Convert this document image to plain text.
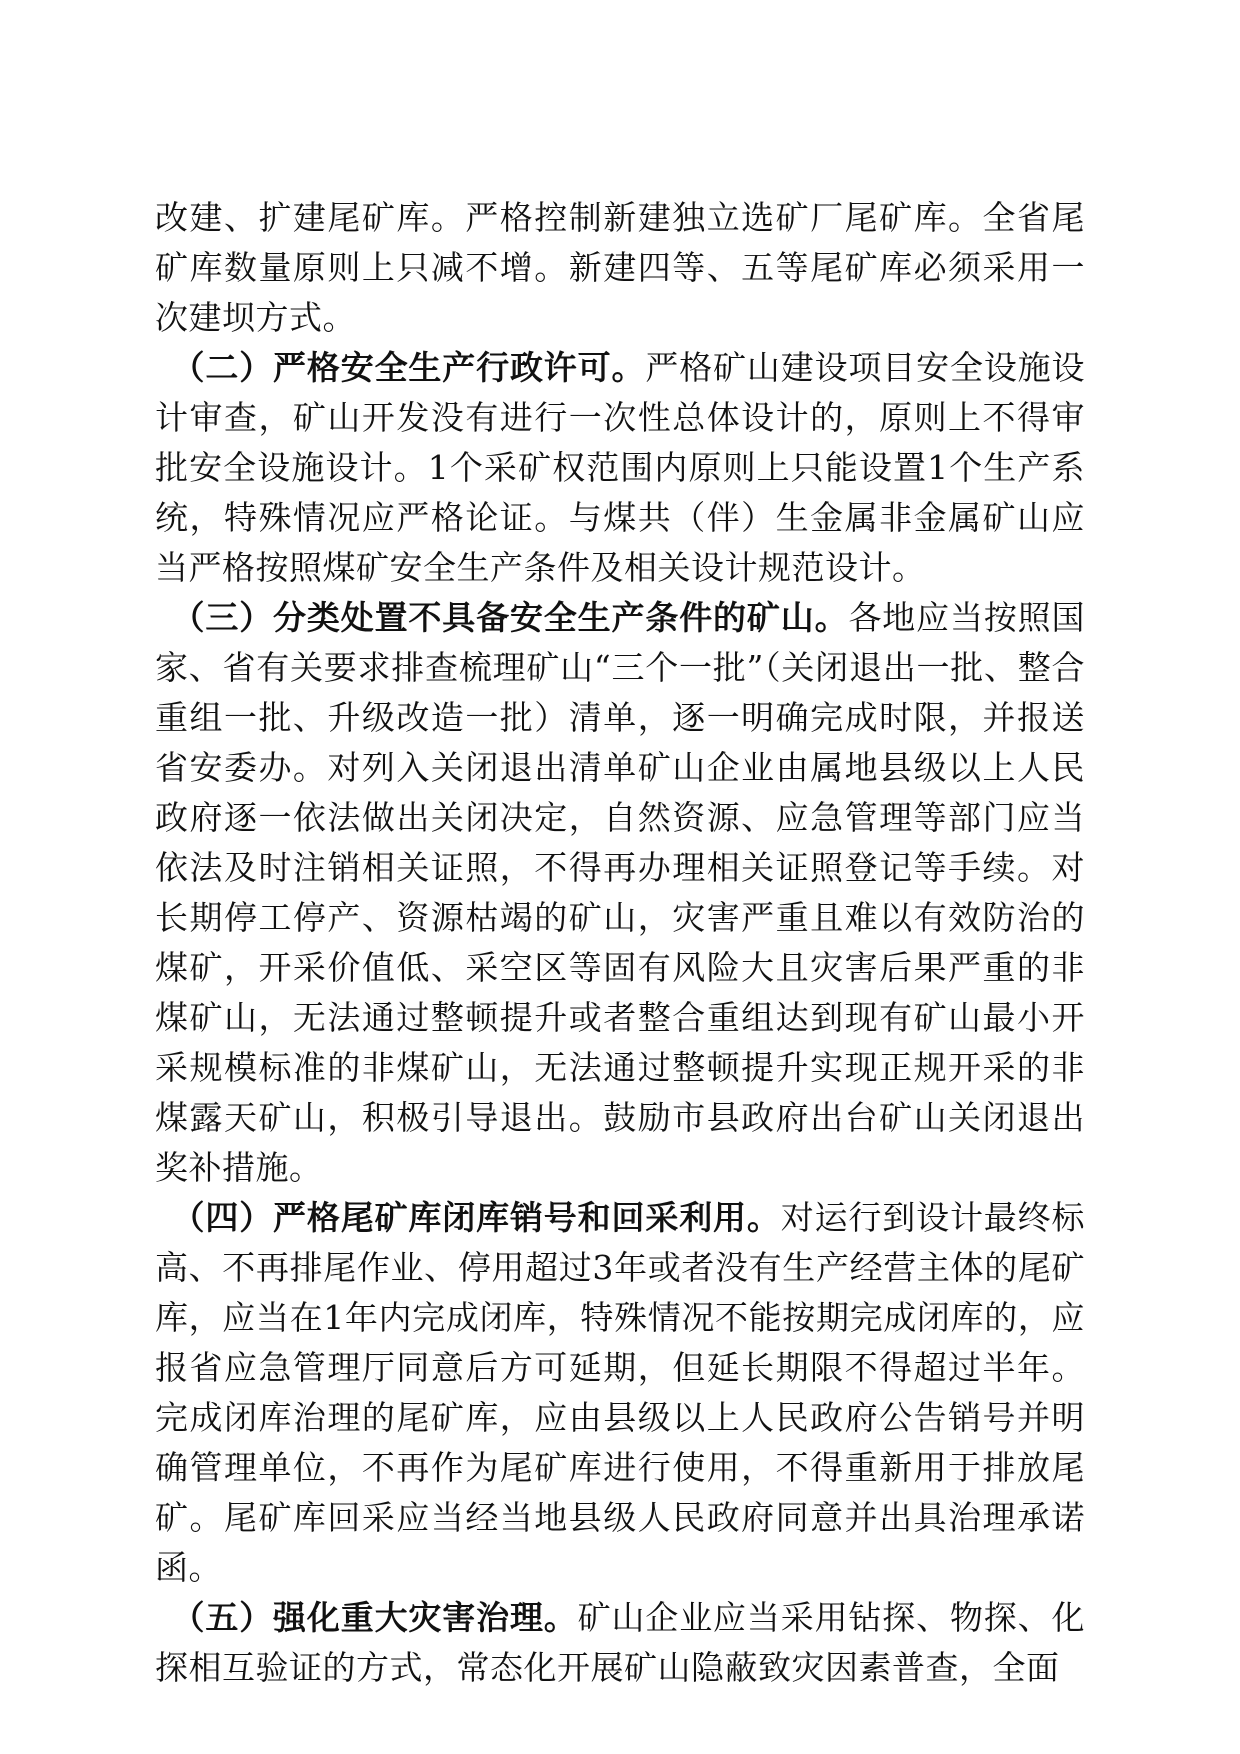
改建、扩建尾矿库。严格控制新建独立选矿厂尾矿库。全省尾矿库数量原则上只减不增。新建四等、五等尾矿库必须采用一次建坝方式。

（二）严格安全生产行政许可。严格矿山建设项目安全设施设计审查，矿山开发没有进行一次性总体设计的，原则上不得审批安全设施设计。1个采矿权范围内原则上只能设置1个生产系统，特殊情况应严格论证。与煤共（伴）生金属非金属矿山应当严格按照煤矿安全生产条件及相关设计规范设计。

（三）分类处置不具备安全生产条件的矿山。各地应当按照国家、省有关要求排查梳理矿山“三个一批”（关闭退出一批、整合重组一批、升级改造一批）清单，逐一明确完成时限，并报送省安委办。对列入关闭退出清单矿山企业由属地县级以上人民政府逐一依法做出关闭决定，自然资源、应急管理等部门应当依法及时注销相关证照，不得再办理相关证照登记等手续。对长期停工停产、资源枯竭的矿山，灾害严重且难以有效防治的煤矿，开采价值低、采空区等固有风险大且灾害后果严重的非煤矿山，无法通过整顿提升或者整合重组达到现有矿山最小开采规模标准的非煤矿山，无法通过整顿提升实现正规开采的非煤露天矿山，积极引导退出。鼓励市县政府出台矿山关闭退出奖补措施。

（四）严格尾矿库闭库销号和回采利用。对运行到设计最终标高、不再排尾作业、停用超过3年或者没有生产经营主体的尾矿库，应当在1年内完成闭库，特殊情况不能按期完成闭库的，应报省应急管理厅同意后方可延期，但延长期限不得超过半年。完成闭库治理的尾矿库，应由县级以上人民政府公告销号并明确管理单位，不再作为尾矿库进行使用，不得重新用于排放尾矿。尾矿库回采应当经当地县级人民政府同意并出具治理承诺函。

（五）强化重大灾害治理。矿山企业应当采用钻探、物探、化探相互验证的方式，常态化开展矿山隐蔽致灾因素普查，全面
